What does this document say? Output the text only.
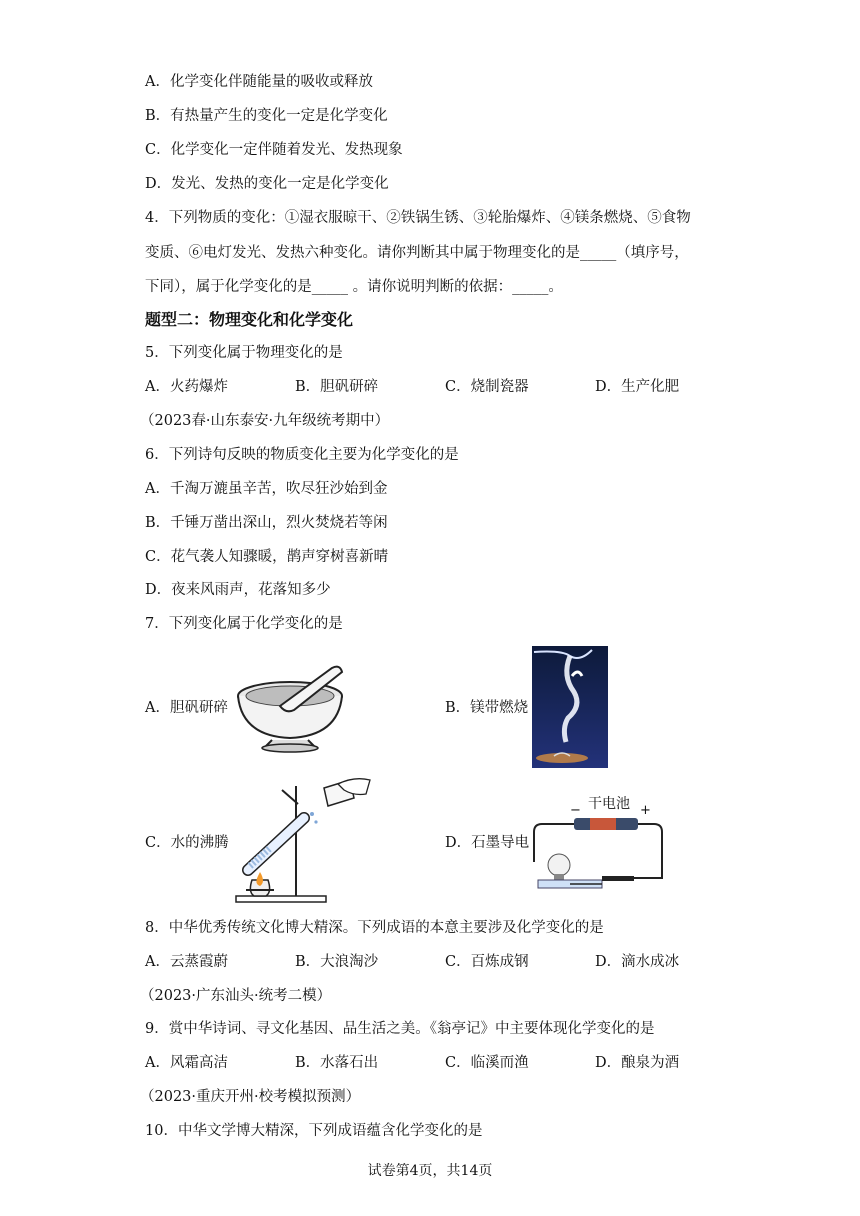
A．化学变化伴随能量的吸收或释放
B．有热量产生的变化一定是化学变化
C．化学变化一定伴随着发光、发热现象
D．发光、发热的变化一定是化学变化
4．下列物质的变化：①湿衣服晾干、②铁锅生锈、③轮胎爆炸、④镁条燃烧、⑤食物
变质、⑥电灯发光、发热六种变化。请你判断其中属于物理变化的是_____（填序号，
下同），属于化学变化的是_____ 。请你说明判断的依据：_____。
题型二：物理变化和化学变化
5．下列变化属于物理变化的是
A．火药爆炸	B．胆矾研碎	C．烧制瓷器	D．生产化肥
（2023春·山东泰安·九年级统考期中）
6．下列诗句反映的物质变化主要为化学变化的是
A．千淘万漉虽辛苦，吹尽狂沙始到金
B．千锤万凿出深山，烈火焚烧若等闲
C．花气袭人知骤暖，鹊声穿树喜新晴
D．夜来风雨声，花落知多少
7．下列变化属于化学变化的是
A．胆矾研碎	B．镁带燃烧
C．水的沸腾	D．石墨导电
干电池
−	+
8．中华优秀传统文化博大精深。下列成语的本意主要涉及化学变化的是
A．云蒸霞蔚	B．大浪淘沙	C．百炼成钢	D．滴水成冰
（2023·广东汕头·统考二模）
9．赏中华诗词、寻文化基因、品生活之美。《翁亭记》中主要体现化学变化的是
A．风霜高洁	B．水落石出	C．临溪而渔	D．酿泉为酒
（2023·重庆开州·校考模拟预测）
10．中华文学博大精深，下列成语蕴含化学变化的是
试卷第4页，共14页
